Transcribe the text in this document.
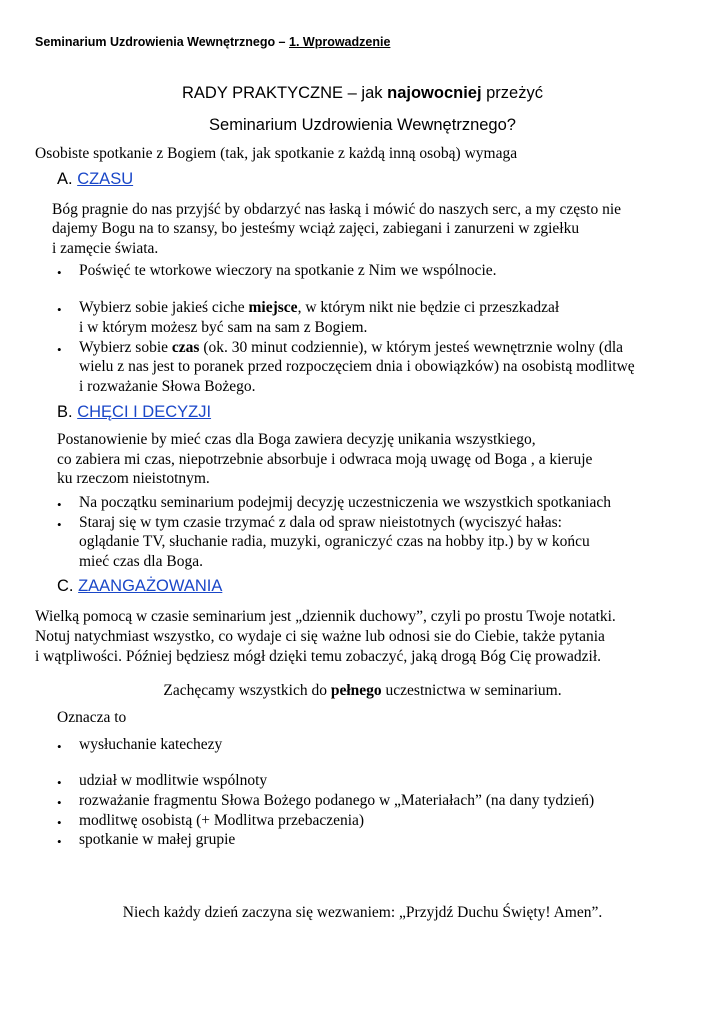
Seminarium Uzdrowienia Wewnętrznego – 1. Wprowadzenie
RADY PRAKTYCZNE – jak najowocniej przeżyć
Seminarium Uzdrowienia Wewnętrznego?
Osobiste spotkanie z Bogiem (tak, jak spotkanie z każdą inną osobą) wymaga
A. CZASU
Bóg pragnie do nas przyjść by obdarzyć nas łaską i mówić do naszych serc, a my często nie
dajemy Bogu na to szansy, bo jesteśmy wciąż zajęci, zabiegani i zanurzeni w zgiełku
i zamęcie świata.
• Poświęć te wtorkowe wieczory na spotkanie z Nim we wspólnocie.
• Wybierz sobie jakieś ciche miejsce, w którym nikt nie będzie ci przeszkadzał
i w którym możesz być sam na sam z Bogiem.
• Wybierz sobie czas (ok. 30 minut codziennie), w którym jesteś wewnętrznie wolny (dla
wielu z nas jest to poranek przed rozpoczęciem dnia i obowiązków) na osobistą modlitwę
i rozważanie Słowa Bożego.
B. CHĘCI I DECYZJI
Postanowienie by mieć czas dla Boga zawiera decyzję unikania wszystkiego,
co zabiera mi czas, niepotrzebnie absorbuje i odwraca moją uwagę od Boga , a kieruje
ku rzeczom nieistotnym.
• Na początku seminarium podejmij decyzję uczestniczenia we wszystkich spotkaniach
• Staraj się w tym czasie trzymać z dala od spraw nieistotnych (wyciszyć hałas:
oglądanie TV, słuchanie radia, muzyki, ograniczyć czas na hobby itp.) by w końcu
mieć czas dla Boga.
C. ZAANGAŻOWANIA
Wielką pomocą w czasie seminarium jest „dziennik duchowy”, czyli po prostu Twoje notatki.
Notuj natychmiast wszystko, co wydaje ci się ważne lub odnosi sie do Ciebie, także pytania
i wątpliwości. Później będziesz mógł dzięki temu zobaczyć, jaką drogą Bóg Cię prowadził.
Zachęcamy wszystkich do pełnego uczestnictwa w seminarium.
Oznacza to
• wysłuchanie katechezy
• udział w modlitwie wspólnoty
• rozważanie fragmentu Słowa Bożego podanego w „Materiałach” (na dany tydzień)
• modlitwę osobistą (+ Modlitwa przebaczenia)
• spotkanie w małej grupie
Niech każdy dzień zaczyna się wezwaniem: „Przyjdź Duchu Święty! Amen”.
